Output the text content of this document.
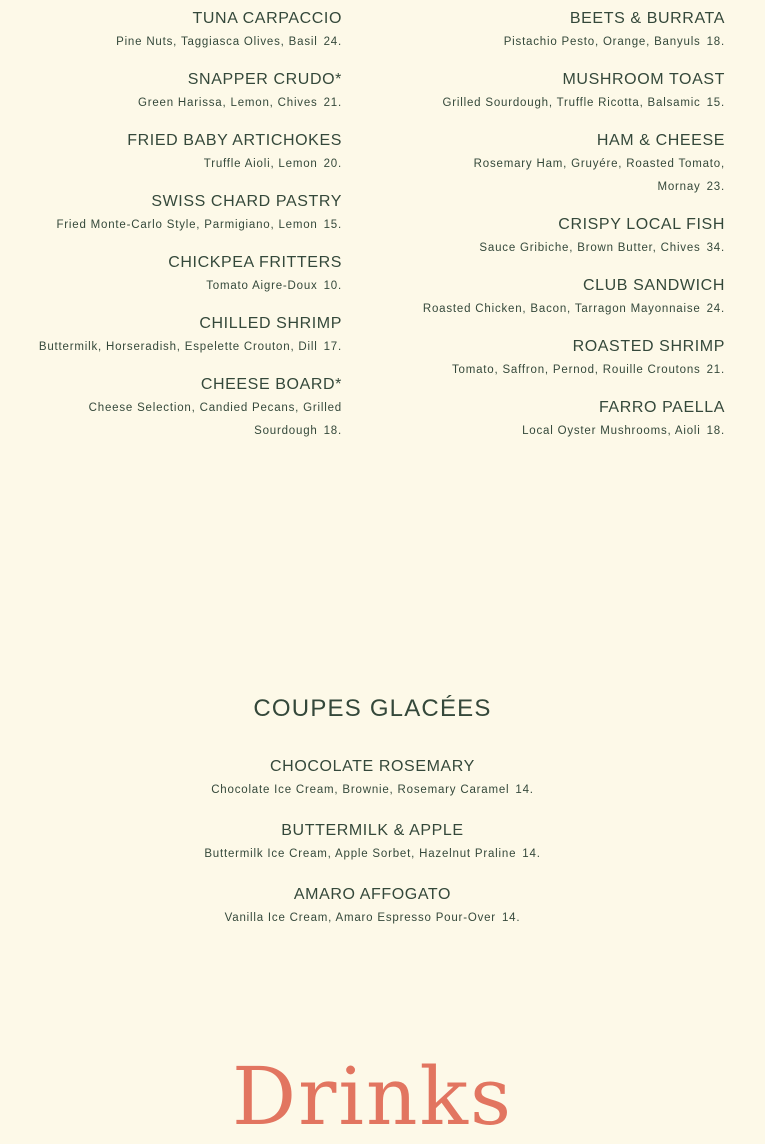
TUNA CARPACCIO
Pine Nuts, Taggiasca Olives, Basil 24.
SNAPPER CRUDO*
Green Harissa, Lemon, Chives 21.
FRIED BABY ARTICHOKES
Truffle Aioli, Lemon 20.
SWISS CHARD PASTRY
Fried Monte-Carlo Style, Parmigiano, Lemon 15.
CHICKPEA FRITTERS
Tomato Aigre-Doux 10.
CHILLED SHRIMP
Buttermilk, Horseradish, Espelette Crouton, Dill 17.
CHEESE BOARD*
Cheese Selection, Candied Pecans, Grilled Sourdough 18.
BEETS & BURRATA
Pistachio Pesto, Orange, Banyuls 18.
MUSHROOM TOAST
Grilled Sourdough, Truffle Ricotta, Balsamic 15.
HAM & CHEESE
Rosemary Ham, Gruyére, Roasted Tomato, Mornay 23.
CRISPY LOCAL FISH
Sauce Gribiche, Brown Butter, Chives 34.
CLUB SANDWICH
Roasted Chicken, Bacon, Tarragon Mayonnaise 24.
ROASTED SHRIMP
Tomato, Saffron, Pernod, Rouille Croutons 21.
FARRO PAELLA
Local Oyster Mushrooms, Aioli 18.
COUPES GLACÉES
CHOCOLATE ROSEMARY
Chocolate Ice Cream, Brownie, Rosemary Caramel 14.
BUTTERMILK & APPLE
Buttermilk Ice Cream, Apple Sorbet, Hazelnut Praline 14.
AMARO AFFOGATO
Vanilla Ice Cream, Amaro Espresso Pour-Over 14.
Drinks
